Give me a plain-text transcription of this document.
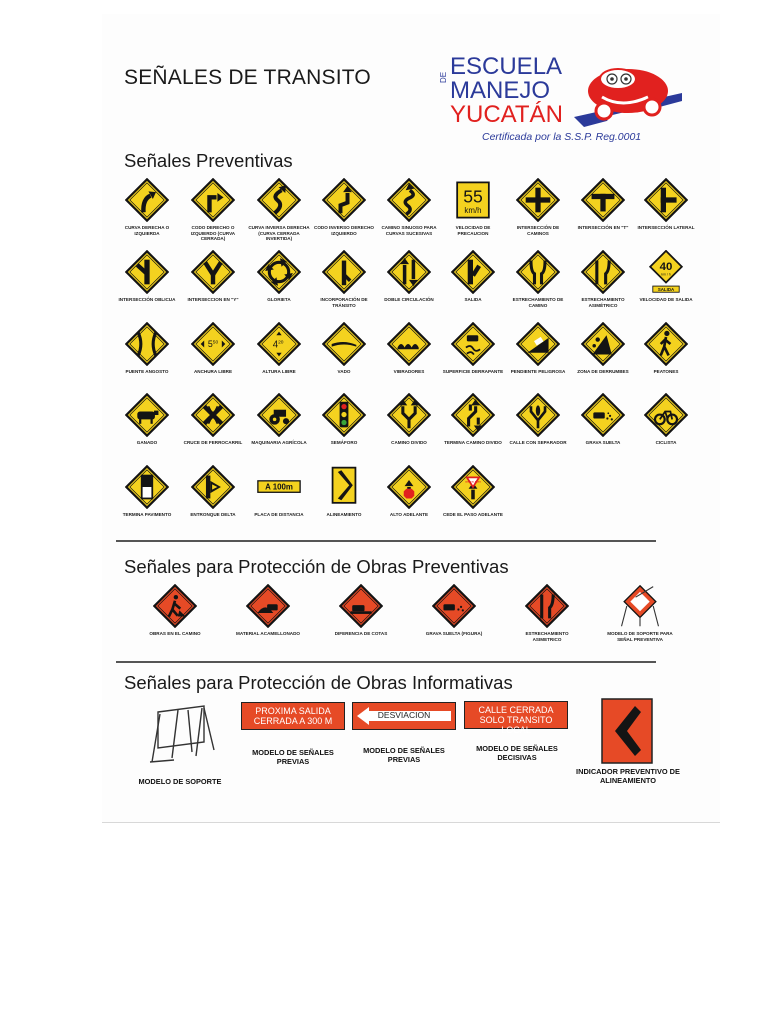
SEÑALES DE TRANSITO	DE ESCUELA
MANEJO
YUCATÁN
Certificada por la S.S.P. Reg.0001
Señales Preventivas
CURVA DERECHA O IZQUIERDA
CODO DERECHO O IZQUIERDO (CURVA CERRADA)
CURVA INVERSA DERECHA (CURVA CERRADA INVERTIDA)
CODO INVERSO DERECHO IZQUIERDO
CAMINO SINUOSO PARA CURVAS SUCESIVAS
55
km/h
VELOCIDAD DE PRECAUCION
INTERSECCIÓN DE CAMINOS
INTERSECCIÓN EN "T"	INTERSECCIÓN LATERAL
INTERSECCIÓN OBLICUA	INTERSECCION EN "Y"	GLORIETA	INCORPORACIÓN DE TRÁNSITO
DOBLE CIRCULACIÓN	SALIDA	ESTRECHAMIENTO DE CAMINO
ESTRECHAMIENTO ASIMÉTRICO
40
km / h
SALIDA
VELOCIDAD DE SALIDA
PUENTE ANGOSTO
$5^{50}$
ANCHURA LIBRE
$4^{20}$
ALTURA LIBRE	VADO	VIBRADORES	SUPERFICIE DERRAPANTE	PENDIENTE PELIGROSA	ZONA DE DERRUMBES	PEATONES
GANADO	CRUCE DE FERROCARRIL	MAQUINARIA AGRÍCOLA	SEMÁFORO	CAMINO DIVIDO	TERMINA CAMINO DIVIDO	CALLE CON SEPARADOR	GRAVA SUELTA	CICLISTA
TERMINA PAVIMENTO	ENTRONQUE DELTA
A 100m
PLACA DE DISTANCIA	ALINEAMIENTO	ALTO ADELANTE
CEDA EL PASO
CEDE EL PASO ADELANTE
Señales para Protección de Obras Preventivas
OBRAS EN EL CAMINO	MATERIAL ACAMELLONADO	DIFERENCIA DE COTAS	GRAVA SUELTA (FIGURA)	ESTRECHAMIENTO ASIMETRICO
MODELO DE SOPORTE PARA SEÑAL PREVENTIVA
Señales para Protección de Obras Informativas
MODELO DE SOPORTE
PROXIMA SALIDA CERRADA A 300 M
MODELO DE SEÑALES PREVIAS
DESVIACION
MODELO DE SEÑALES PREVIAS
CALLE CERRADA SOLO TRANSITO LOCAL
MODELO DE SEÑALES DECISIVAS
INDICADOR PREVENTIVO DE ALINEAMIENTO
